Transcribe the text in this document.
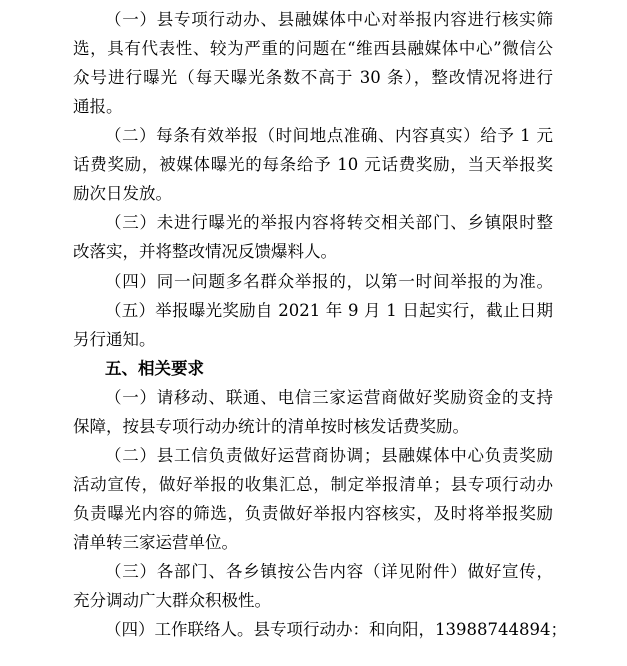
（一）县专项行动办、县融媒体中心对举报内容进行核实筛
选，具有代表性、较为严重的问题在“维西县融媒体中心”微信公
众号进行曝光（每天曝光条数不高于 30 条），整改情况将进行
通报。
（二）每条有效举报（时间地点准确、内容真实）给予 1 元
话费奖励，被媒体曝光的每条给予 10 元话费奖励，当天举报奖
励次日发放。
（三）未进行曝光的举报内容将转交相关部门、乡镇限时整
改落实，并将整改情况反馈爆料人。
（四）同一问题多名群众举报的，以第一时间举报的为准。
（五）举报曝光奖励自 2021 年 9 月 1 日起实行，截止日期
另行通知。
五、相关要求
（一）请移动、联通、电信三家运营商做好奖励资金的支持
保障，按县专项行动办统计的清单按时核发话费奖励。
（二）县工信负责做好运营商协调；县融媒体中心负责奖励
活动宣传，做好举报的收集汇总，制定举报清单；县专项行动办
负责曝光内容的筛选，负责做好举报内容核实，及时将举报奖励
清单转三家运营单位。
（三）各部门、各乡镇按公告内容（详见附件）做好宣传，
充分调动广大群众积极性。
（四）工作联络人。县专项行动办：和向阳，13988744894；
